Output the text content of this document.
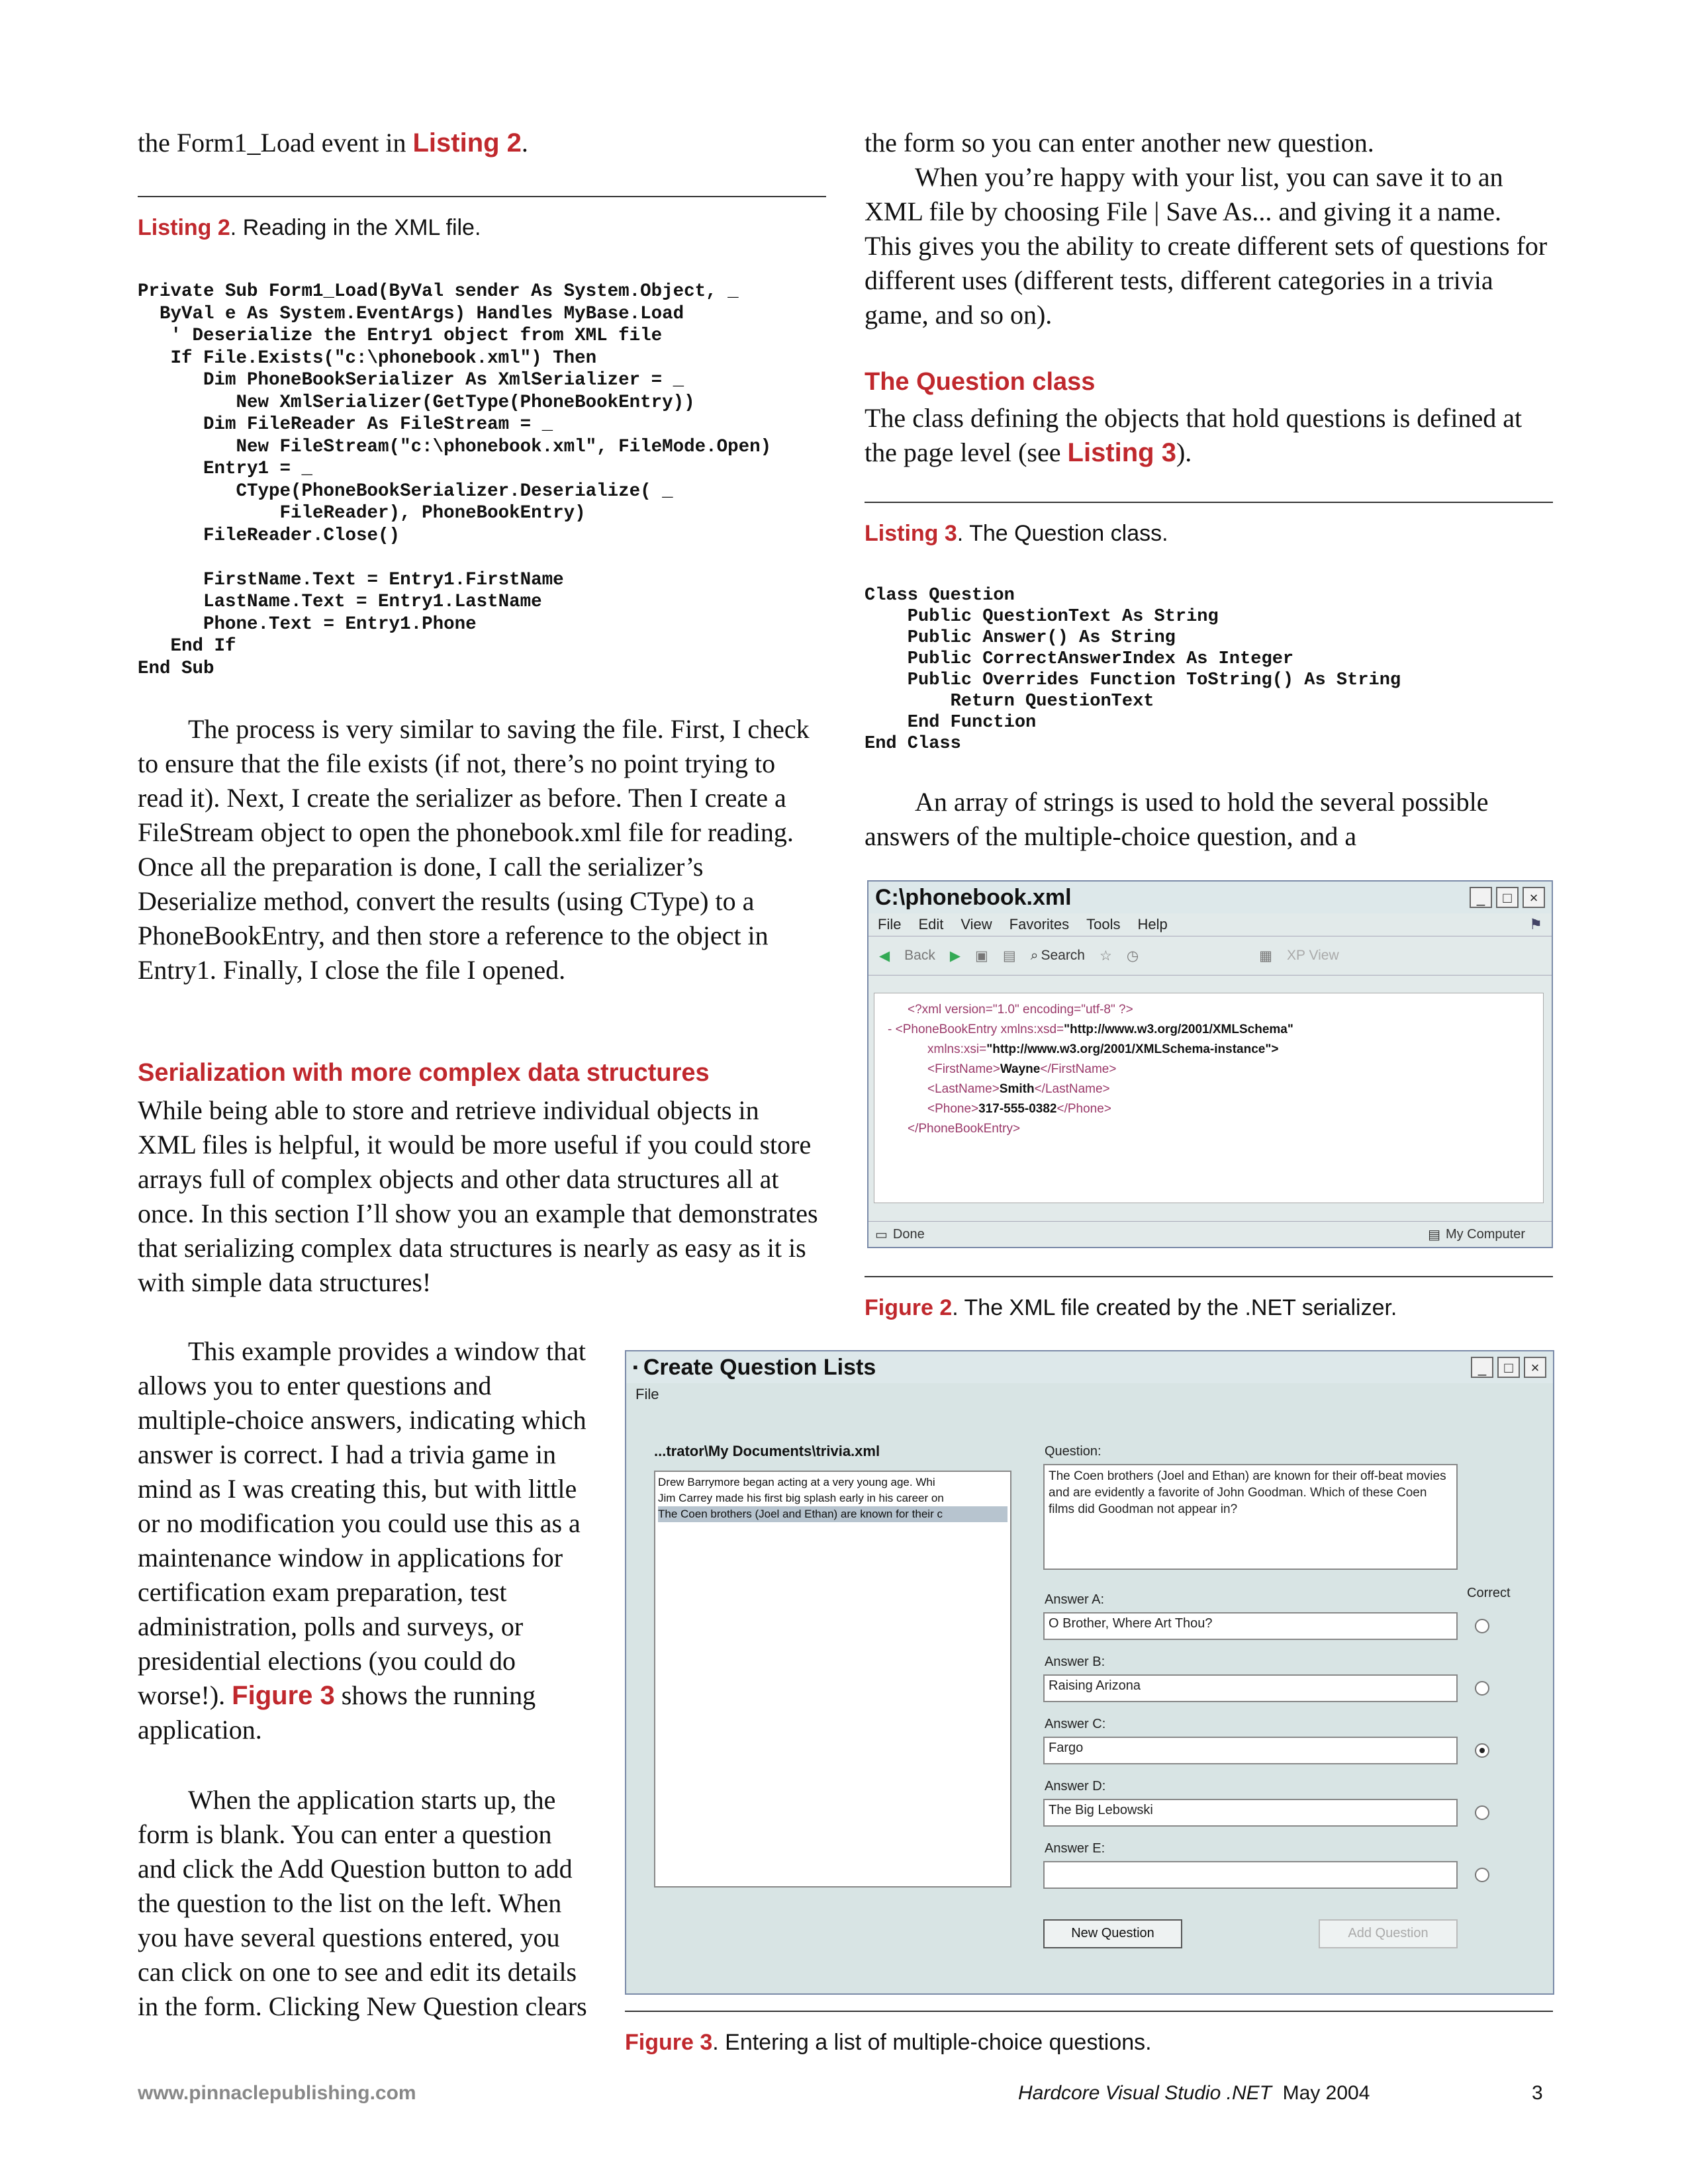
the Form1_Load event in Listing 2.

Listing 2. Reading in the XML file.
Private Sub Form1_Load(ByVal sender As System.Object, _
ByVal e As System.EventArgs) Handles MyBase.Load
' Deserialize the Entry1 object from XML file
If File.Exists("c:\phonebook.xml") Then
Dim PhoneBookSerializer As XmlSerializer = _
New XmlSerializer(GetType(PhoneBookEntry))
Dim FileReader As FileStream = _
New FileStream("c:\phonebook.xml", FileMode.Open)
Entry1 = _
CType(PhoneBookSerializer.Deserialize( _
FileReader), PhoneBookEntry)
FileReader.Close()

FirstName.Text = Entry1.FirstName
LastName.Text = Entry1.LastName
Phone.Text = Entry1.Phone
End If
End Sub

The process is very similar to saving the file. First, I check to ensure that the file exists (if not, there’s no point trying to read it). Next, I create the serializer as before. Then I create a FileStream object to open the phonebook.xml file for reading. Once all the preparation is done, I call the serializer’s Deserialize method, convert the results (using CType) to a PhoneBookEntry, and then store a reference to the object in Entry1. Finally, I close the file I opened.

Serialization with more complex data structures

While being able to store and retrieve individual objects in XML files is helpful, it would be more useful if you could store arrays full of complex objects and other data structures all at once. In this section I’ll show you an example that demonstrates that serializing complex data structures is nearly as easy as it is with simple data structures!

This example provides a window that allows you to enter questions and multiple-choice answers, indicating which answer is correct. I had a trivia game in mind as I was creating this, but with little or no modification you could use this as a maintenance window in applications for certification exam preparation, test administration, polls and surveys, or presidential elections (you could do worse!). Figure 3 shows the running application.

When the application starts up, the form is blank. You can enter a question and click the Add Question button to add the question to the list on the left. When you have several questions entered, you can click on one to see and edit its details in the form. Clicking New Question clears

the form so you can enter another new question.

When you’re happy with your list, you can save it to an XML file by choosing File | Save As... and giving it a name. This gives you the ability to create different sets of questions for different uses (different tests, different categories in a trivia game, and so on).

The Question class

The class defining the objects that hold questions is defined at the page level (see Listing 3).

Listing 3. The Question class.
Class Question
Public QuestionText As String
Public Answer() As String
Public CorrectAnswerIndex As Integer
Public Overrides Function ToString() As String
Return QuestionText
End Function
End Class

An array of strings is used to hold the several possible answers of the multiple-choice question, and a

C:\phonebook.xml	_	□	×
File Edit View Favorites Tools Help	⚑
◀ Back ▶ ▣ ▤ ⌕ Search ☆ ◷	▦ XP View
<?xml version="1.0" encoding="utf-8" ?>
- <PhoneBookEntry xmlns:xsd="http://www.w3.org/2001/XMLSchema"
xmlns:xsi="http://www.w3.org/2001/XMLSchema-instance">
<FirstName>Wayne</FirstName>
<LastName>Smith</LastName>
<Phone>317-555-0382</Phone>
</PhoneBookEntry>
▭ Done	▤ My Computer
Figure 2. The XML file created by the .NET serializer.
▪ Create Question Lists	_	□	×
File
...trator\My Documents\trivia.xml
Drew Barrymore began acting at a very young age. Whi
Jim Carrey made his first big splash early in his career on
The Coen brothers (Joel and Ethan) are known for their c
Question:
The Coen brothers (Joel and Ethan) are known for their off-beat movies and are evidently a favorite of John Goodman. Which of these Coen films did Goodman not appear in?
Correct
Answer A:
O Brother, Where Art Thou?
Answer B:
Raising Arizona
Answer C:
Fargo
Answer D:
The Big Lebowski
Answer E:
New Question	Add Question
Figure 3. Entering a list of multiple-choice questions.
www.pinnaclepublishing.com	Hardcore Visual Studio .NET May 2004	3
